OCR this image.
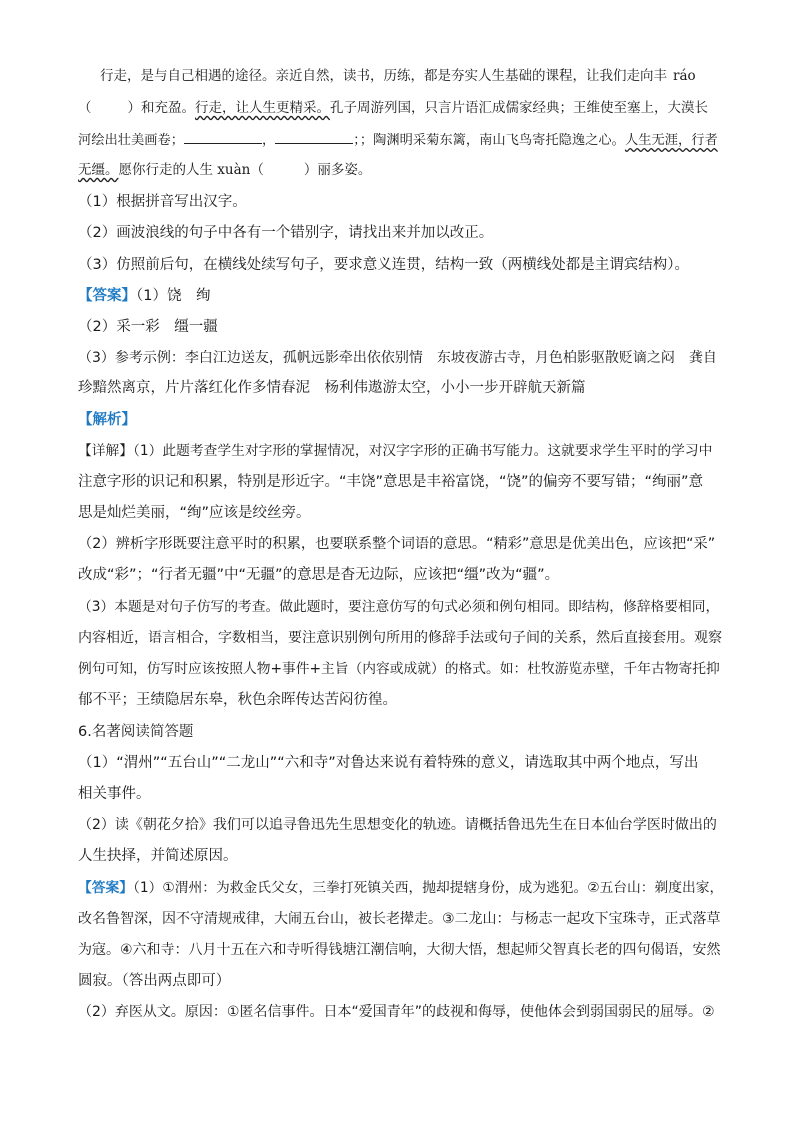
行走，是与自己相遇的途径。亲近自然，读书，历练，都是夯实人生基础的课程，让我们走向丰 ráo
（	）和充盈。行走，让人生更精采。孔子周游列国，只言片语汇成儒家经典；王维使至塞上，大漠长
河绘出壮美画卷；	，	；；陶渊明采菊东篱，南山飞鸟寄托隐逸之心。人生无涯，行者
无缰。愿你行走的人生 xuàn（	）丽多姿。
（1）根据拼音写出汉字。
（2）画波浪线的句子中各有一个错别字，请找出来并加以改正。
（3）仿照前后句，在横线处续写句子，要求意义连贯，结构一致（两横线处都是主谓宾结构）。
【答案】（1）饶　绚
（2）采一彩　缰一疆
（3）参考示例：李白江边送友，孤帆远影牵出依依别情　东坡夜游古寺，月色柏影驱散贬谪之闷　龚自
珍黯然离京，片片落红化作多情春泥　杨利伟遨游太空，小小一步开辟航天新篇
【解析】
【详解】（1）此题考查学生对字形的掌握情况，对汉字字形的正确书写能力。这就要求学生平时的学习中
注意字形的识记和积累，特别是形近字。“丰饶”意思是丰裕富饶，“饶”的偏旁不要写错；“绚丽”意
思是灿烂美丽，“绚”应该是绞丝旁。
（2）辨析字形既要注意平时的积累，也要联系整个词语的意思。“精彩”意思是优美出色，应该把“采”
改成“彩”；“行者无疆”中“无疆”的意思是杳无边际，应该把“缰”改为“疆”。
（3）本题是对句子仿写的考查。做此题时，要注意仿写的句式必须和例句相同。即结构，修辞格要相同，
内容相近，语言相合，字数相当，要注意识别例句所用的修辞手法或句子间的关系，然后直接套用。观察
例句可知，仿写时应该按照人物+事件+主旨（内容或成就）的格式。如：杜牧游览赤壁，千年古物寄托抑
郁不平；王绩隐居东皋，秋色余晖传达苦闷彷徨。
6.名著阅读简答题
（1）“渭州”“五台山”“二龙山”“六和寺”对鲁达来说有着特殊的意义，请选取其中两个地点，写出
相关事件。
（2）读《朝花夕拾》我们可以追寻鲁迅先生思想变化的轨迹。请概括鲁迅先生在日本仙台学医时做出的
人生抉择，并简述原因。
【答案】（1）①渭州：为救金氏父女，三拳打死镇关西，抛却提辖身份，成为逃犯。②五台山：剃度出家，
改名鲁智深，因不守清规戒律，大闹五台山，被长老撵走。③二龙山：与杨志一起攻下宝珠寺，正式落草
为寇。④六和寺：八月十五在六和寺听得钱塘江潮信响，大彻大悟，想起师父智真长老的四句偈语，安然
圆寂。（答出两点即可）
（2）弃医从文。原因：①匿名信事件。日本“爱国青年”的歧视和侮辱，使他体会到弱国弱民的屈辱。②
